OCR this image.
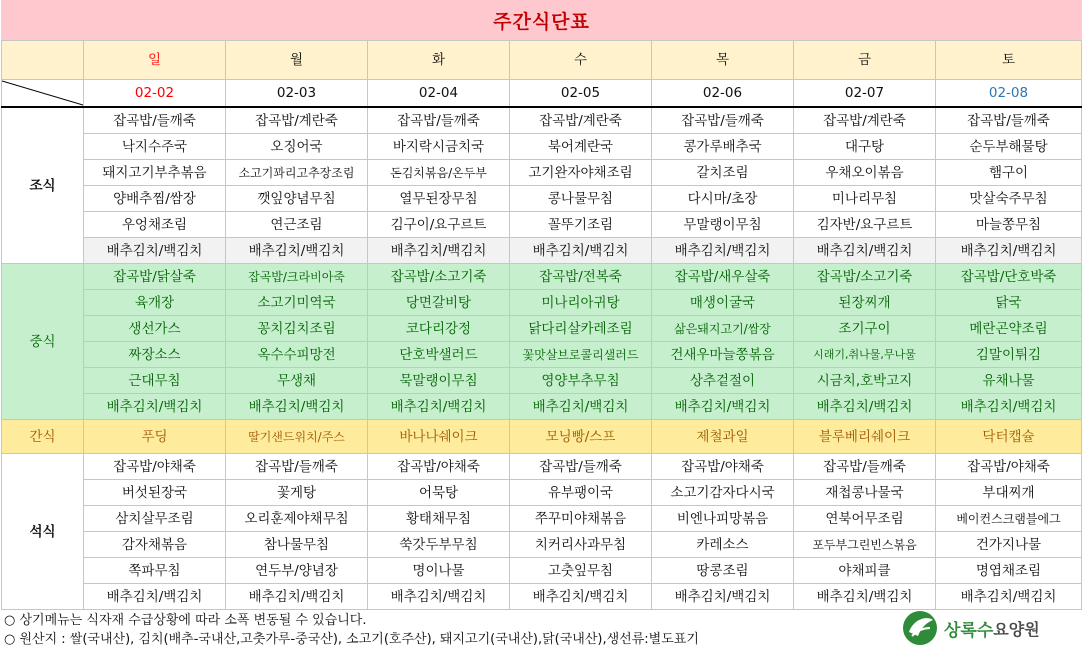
주간식단표
	일	월	화	수	목	금	토

	02-02	02-03	02-04	02-05	02-06	02-07	02-08
조식	잡곡밥/들깨죽	잡곡밥/계란죽	잡곡밥/들깨죽	잡곡밥/계란죽	잡곡밥/들깨죽	잡곡밥/계란죽	잡곡밥/들깨죽
	낙지수주국	오징어국	바지락시금치국	북어계란국	콩가루배추국	대구탕	순두부해물탕
	돼지고기부추볶음	소고기꽈리고추장조림	돈김치볶음/온두부	고기완자야채조림	갈치조림	우채오이볶음	햄구이
	양배추찜/쌈장	깻잎양념무침	열무된장무침	콩나물무침	다시마/초장	미나리무침	맛살숙주무침
	우엉채조림	연근조림	김구이/요구르트	꼴뚜기조림	무말랭이무침	김자반/요구르트	마늘쫑무침
	배추김치/백김치	배추김치/백김치	배추김치/백김치	배추김치/백김치	배추김치/백김치	배추김치/백김치	배추김치/백김치
중식	잡곡밥/닭살죽	잡곡밥/크라비아죽	잡곡밥/소고기죽	잡곡밥/전복죽	잡곡밥/새우살죽	잡곡밥/소고기죽	잡곡밥/단호박죽
	육개장	소고기미역국	당면갈비탕	미나리아귀탕	매생이굴국	된장찌개	닭국
	생선가스	꽁치김치조림	코다리강정	닭다리살카레조림	삶은돼지고기/쌈장	조기구이	메란곤약조림
	짜장소스	옥수수피망전	단호박샐러드	꽃맛살브로콜리샐러드	건새우마늘쫑볶음	시래기,취나물,무나물	김말이튀김
	근대무침	무생채	묵말랭이무침	영양부추무침	상추겉절이	시금치,호박고지	유채나물
	배추김치/백김치	배추김치/백김치	배추김치/백김치	배추김치/백김치	배추김치/백김치	배추김치/백김치	배추김치/백김치
간식	푸딩	딸기샌드위치/주스	바나나쉐이크	모닝빵/스프	제철과일	블루베리쉐이크	닥터캡슐
석식	잡곡밥/야채죽	잡곡밥/들깨죽	잡곡밥/야채죽	잡곡밥/들깨죽	잡곡밥/야채죽	잡곡밥/들깨죽	잡곡밥/야채죽
	버섯된장국	꽃게탕	어묵탕	유부팽이국	소고기감자다시국	재첩콩나물국	부대찌개
	삼치살무조림	오리훈제야채무침	황태채무침	쭈꾸미야채볶음	비엔나피망볶음	연북어무조림	베이컨스크램블에그
	감자채볶음	참나물무침	쑥갓두부무침	치커리사과무침	카레소스	포두부그린빈스볶음	건가지나물
	쪽파무침	연두부/양념장	명이나물	고춧잎무침	땅콩조림	야채피클	명엽채조림
	배추김치/백김치	배추김치/백김치	배추김치/백김치	배추김치/백김치	배추김치/백김치	배추김치/백김치	배추김치/백김치
○ 상기메뉴는 식자재 수급상황에 따라 소폭 변동될 수 있습니다.
○ 원산지 : 쌀(국내산), 김치(배추-국내산,고춧가루-중국산), 소고기(호주산), 돼지고기(국내산),닭(국내산),생선류:별도표기	상록수 요양원
